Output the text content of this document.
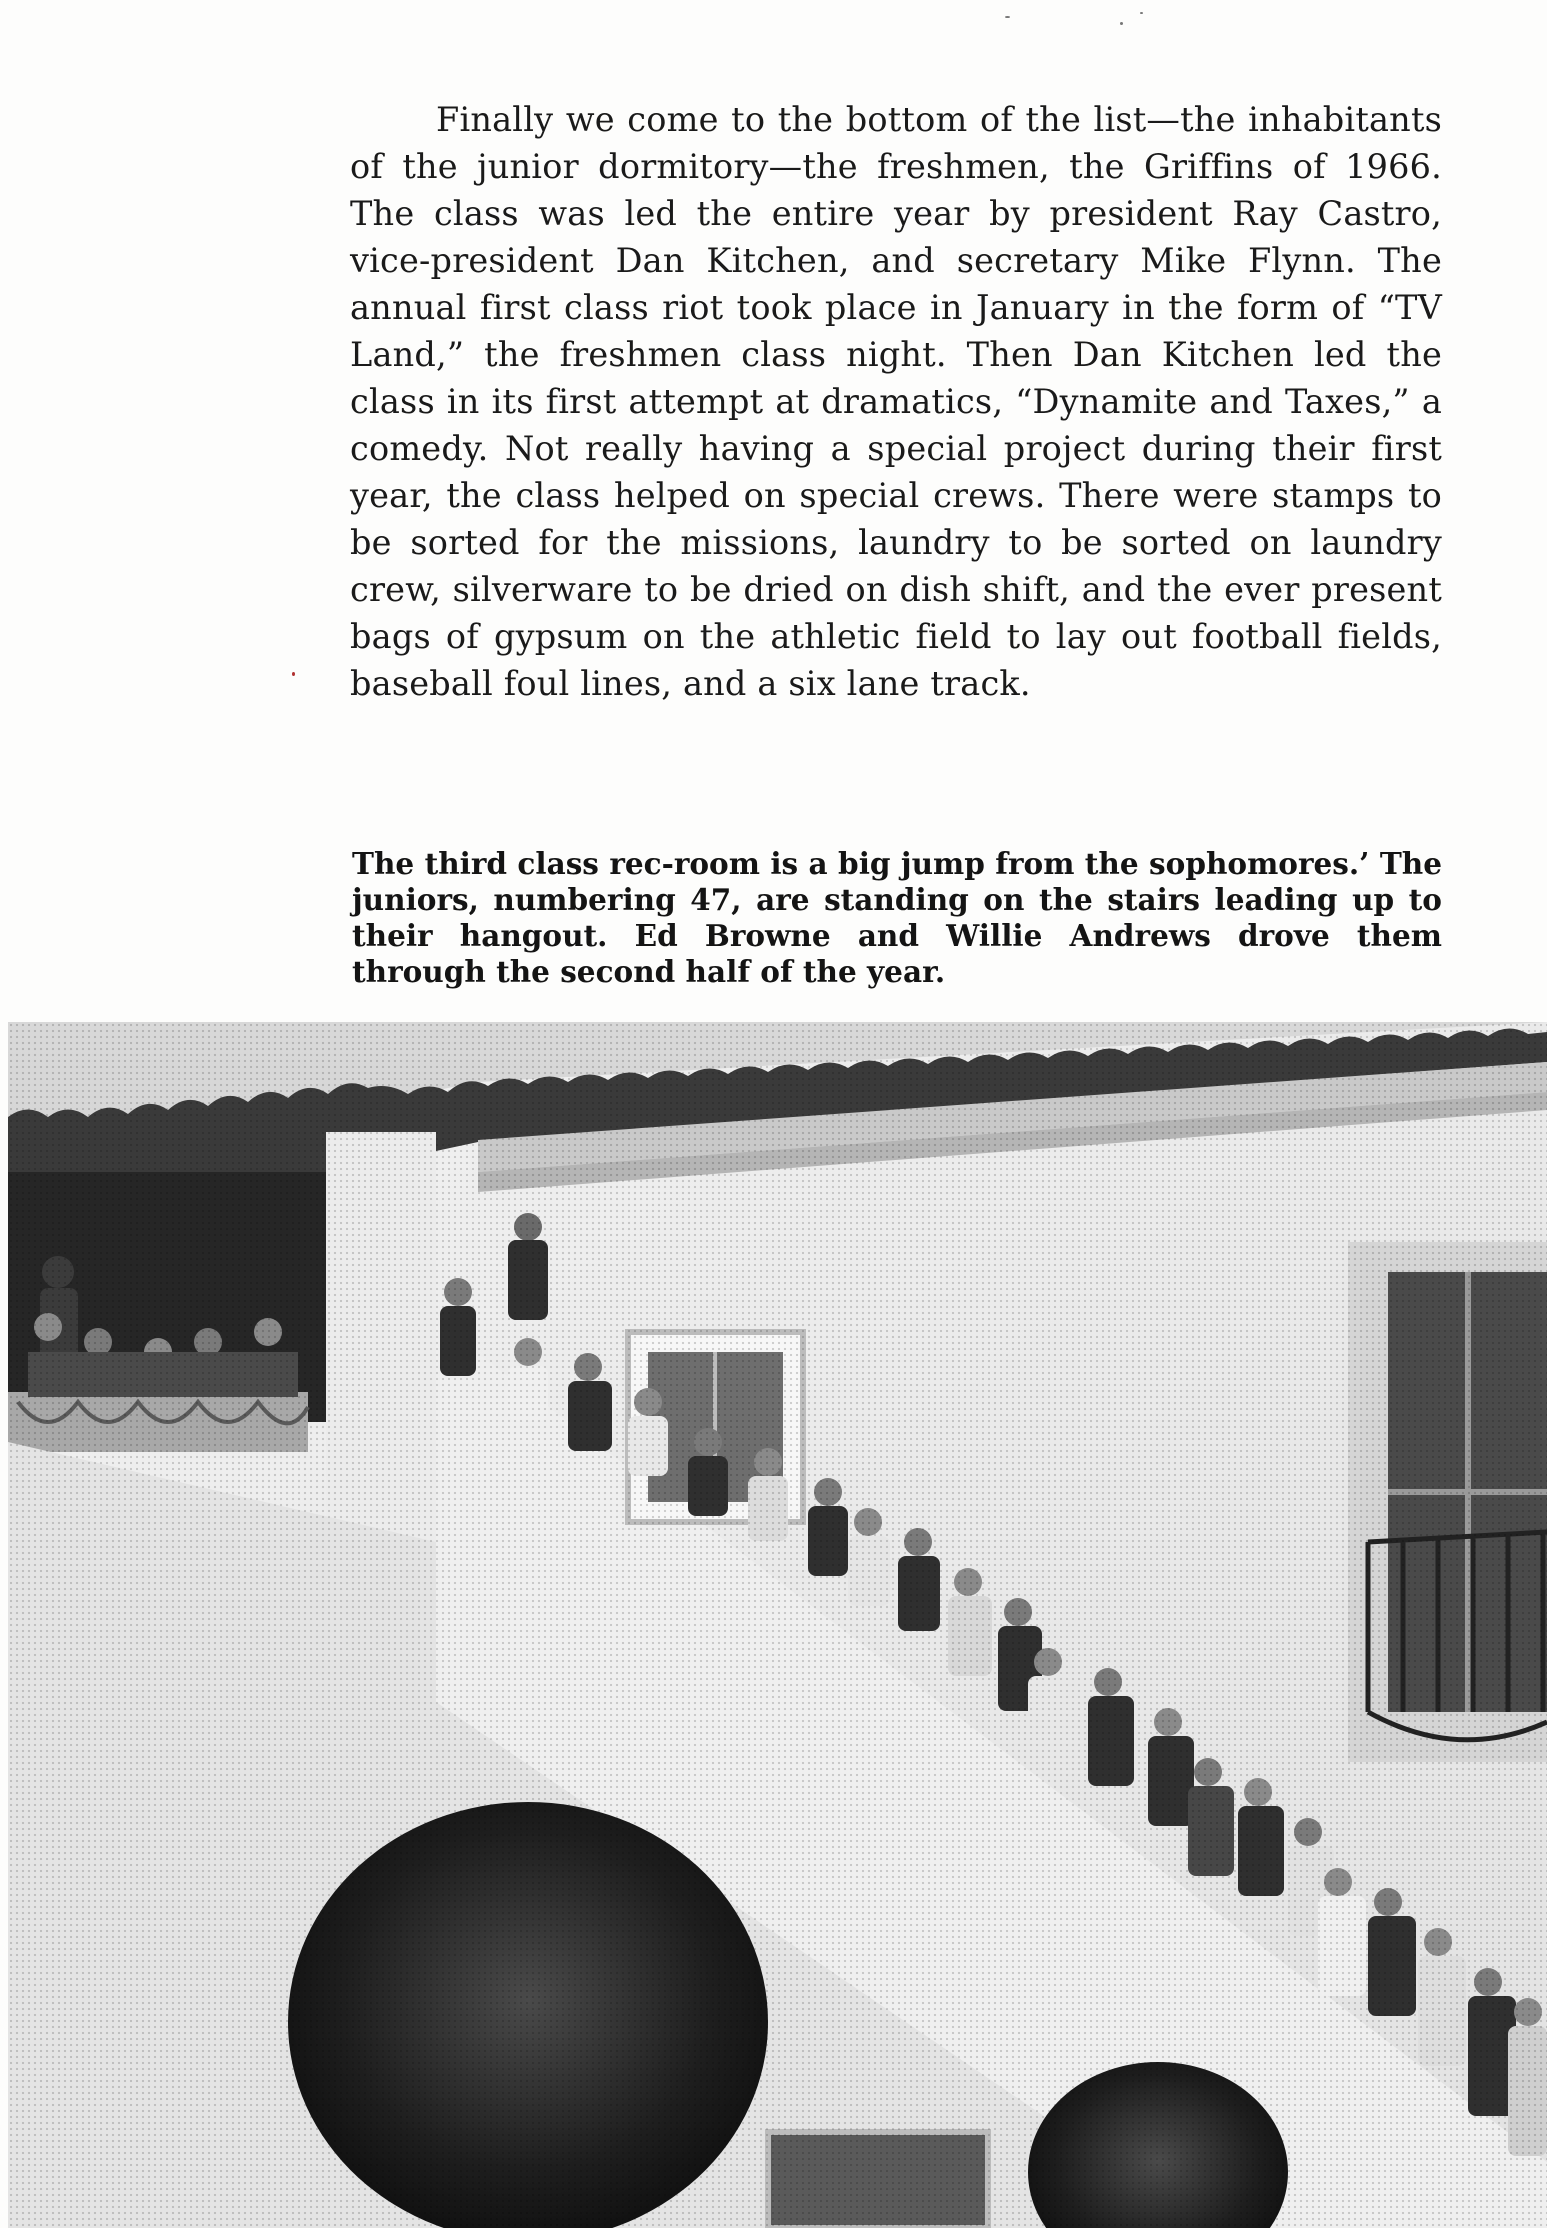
Finally we come to the bottom of the list—the inhabitants of the junior dormitory—the freshmen, the Griffins of 1966. The class was led the entire year by president Ray Castro, vice-president Dan Kitchen, and secretary Mike Flynn. The annual first class riot took place in January in the form of “TV Land,” the freshmen class night. Then Dan Kitchen led the class in its first attempt at dramatics, “Dynamite and Taxes,” a comedy. Not really having a special project during their first year, the class helped on special crews. There were stamps to be sorted for the missions, laundry to be sorted on laundry crew, silverware to be dried on dish shift, and the ever present bags of gypsum on the athletic field to lay out football fields, baseball foul lines, and a six lane track.

The third class rec-room is a big jump from the sophomores.’ The juniors, numbering 47, are standing on the stairs leading up to their hangout. Ed Browne and Willie Andrews drove them through the second half of the year.
